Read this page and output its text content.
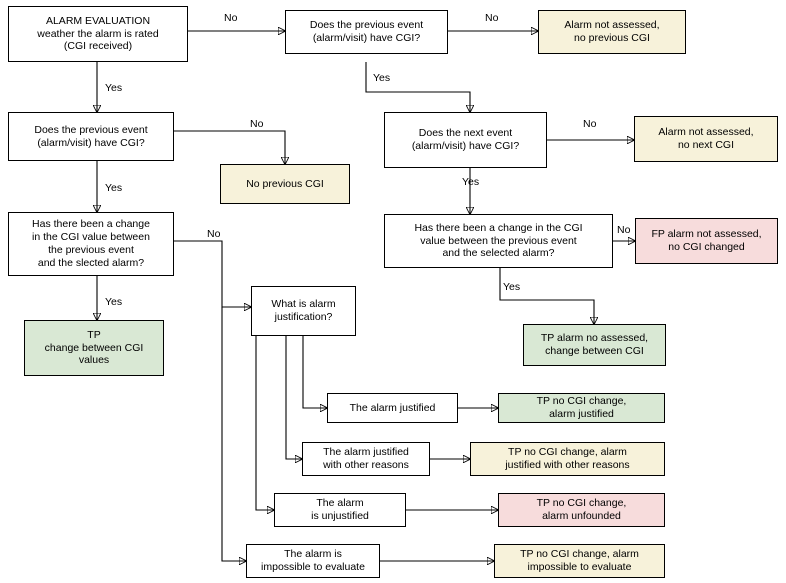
ALARM EVALUATION
weather the alarm is rated
(CGI received)
Does the previous event
(alarm/visit) have CGI?
Alarm not assessed,
no previous CGI
Does the previous event
(alarm/visit) have CGI?
Does the next event
(alarm/visit) have CGI?
Alarm not assessed,
no next CGI
No previous CGI
Has there been a change
in the CGI value between
the previous event
and the slected alarm?
Has there been a change in the CGI
value between the previous event
and the selected alarm?
FP alarm not assessed,
no CGI changed
TP
change between CGI
values
What is alarm
justification?
TP alarm no assessed,
change between CGI
The alarm justified
TP no CGI change,
alarm justified
The alarm justified
with other reasons
TP no CGI change, alarm
justified with other reasons
The alarm
is unjustified
TP no CGI change,
alarm unfounded
The alarm is
impossible to evaluate
TP no CGI change, alarm
impossible to evaluate
No	No
Yes
Yes
No	No
Yes	Yes
No	No
Yes
Yes
